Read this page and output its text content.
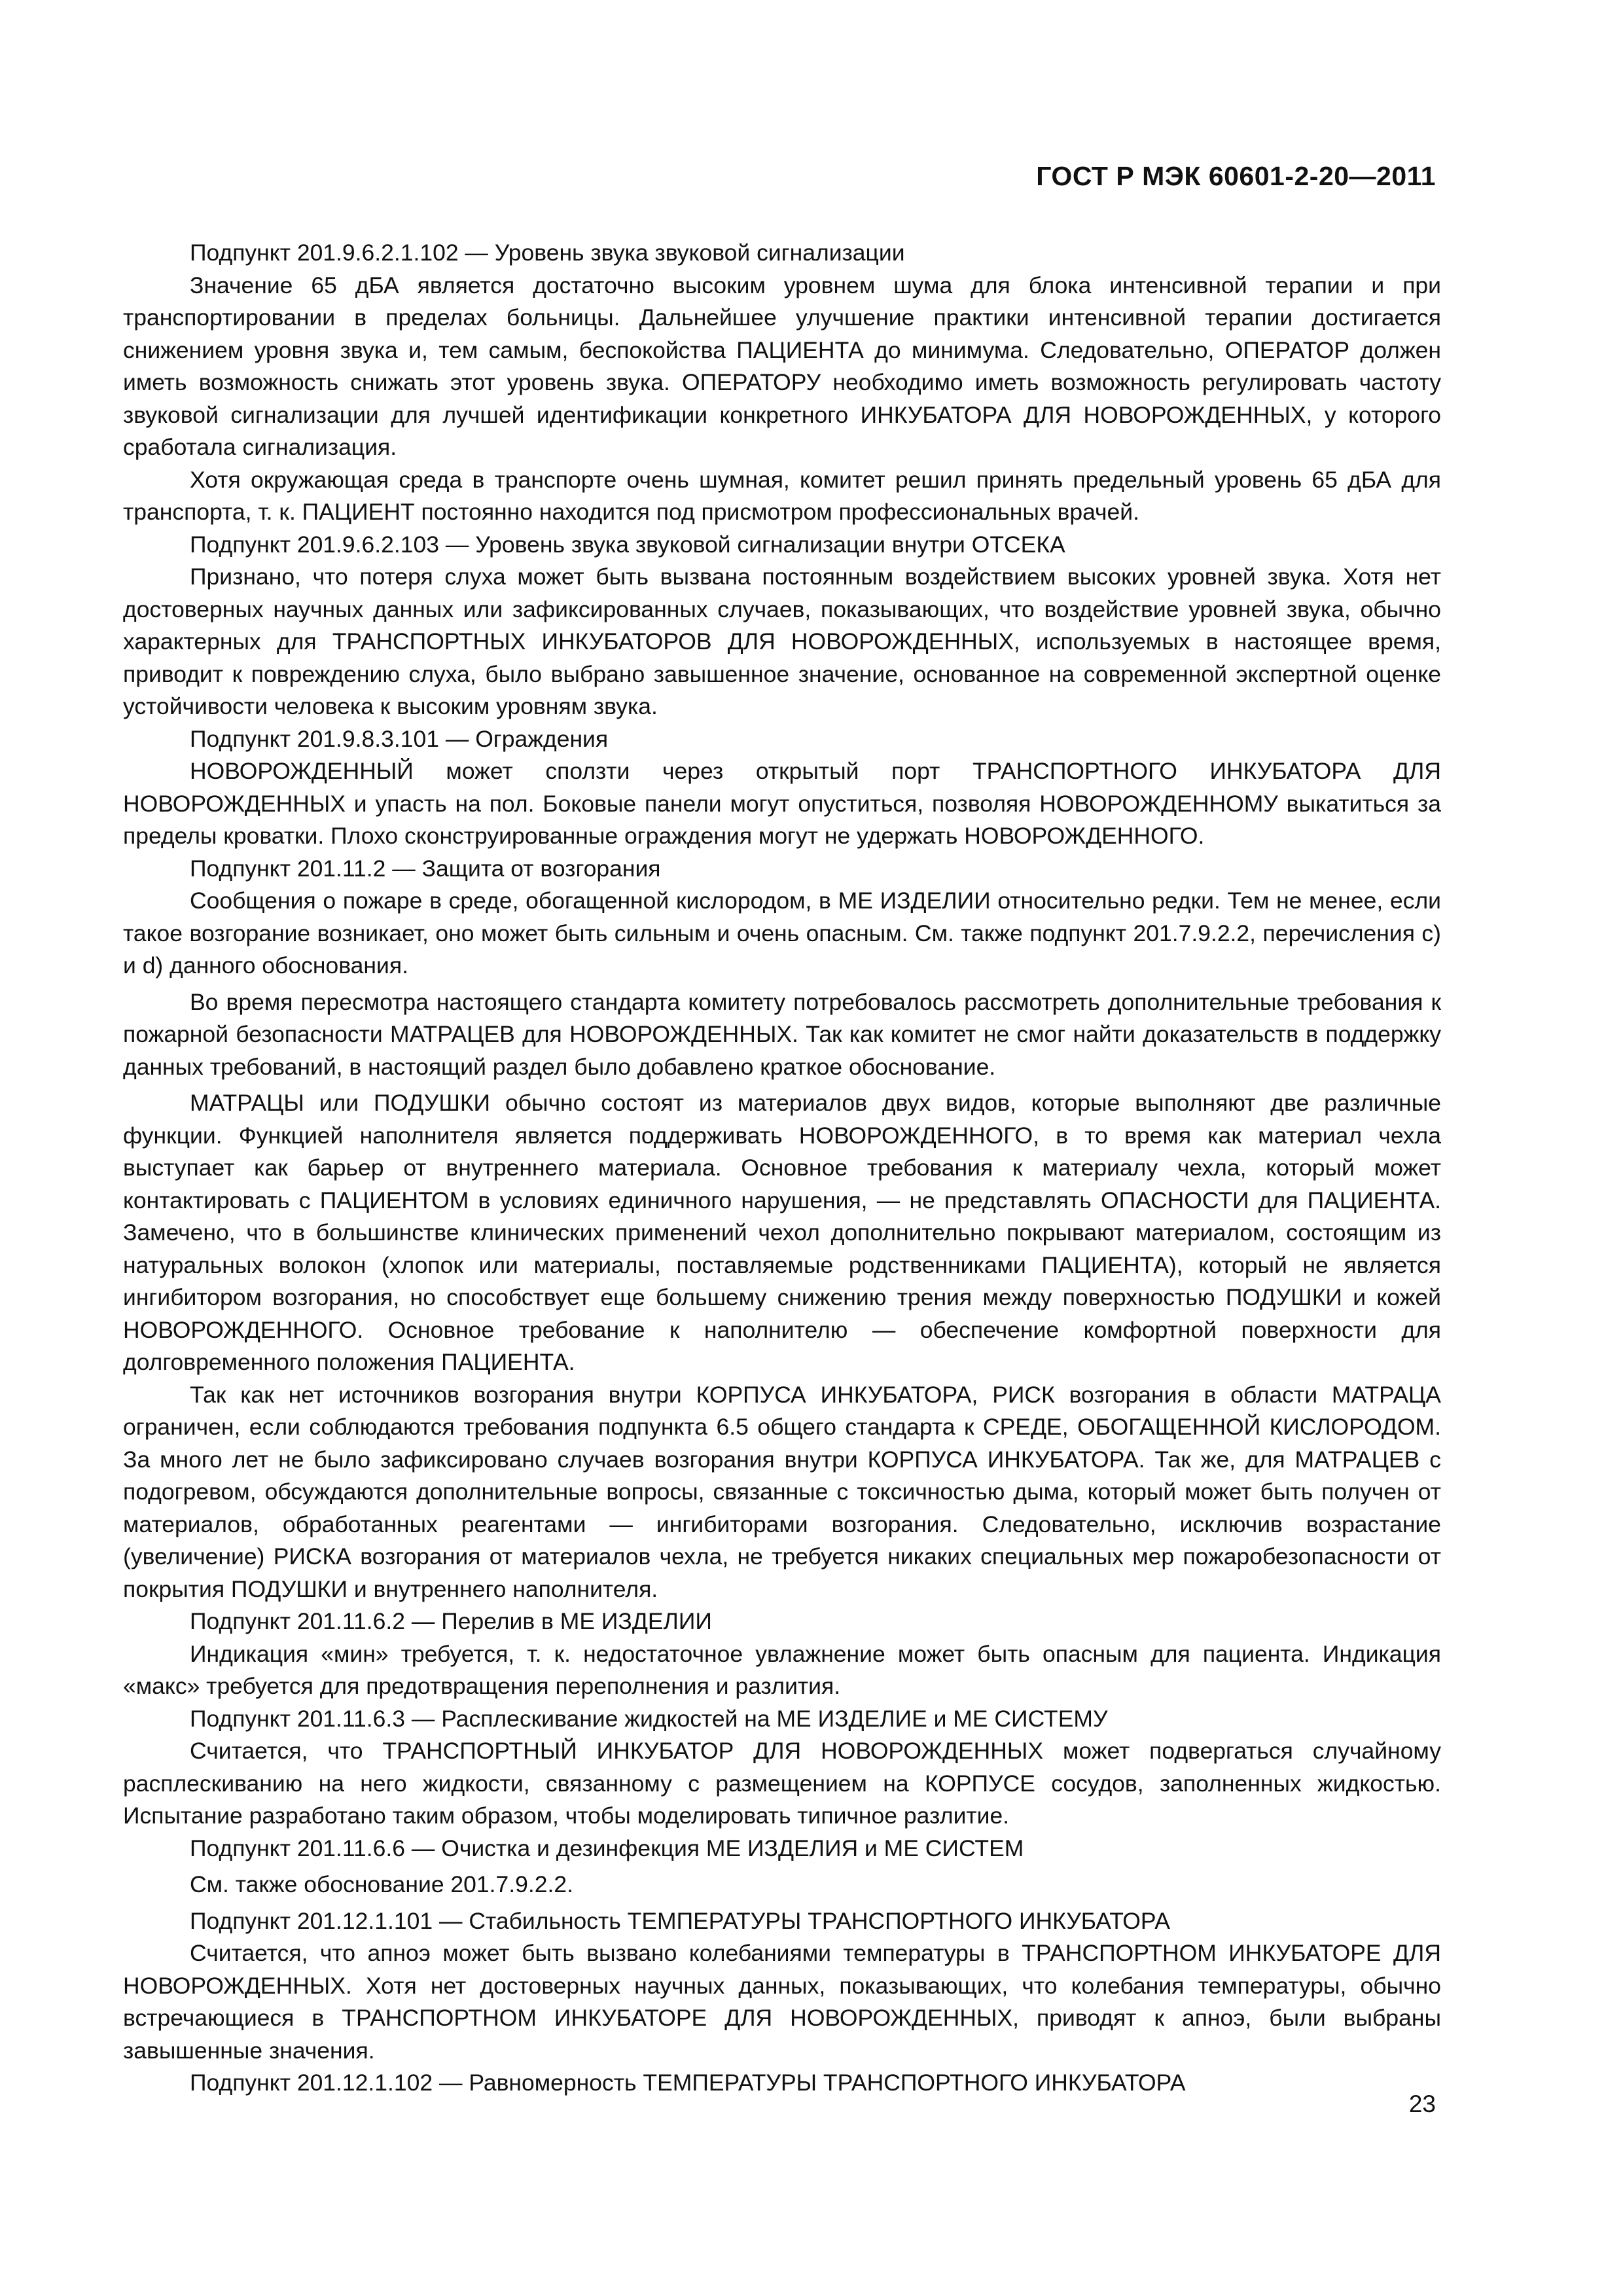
ГОСТ Р МЭК 60601-2-20—2011

Подпункт 201.9.6.2.1.102 — Уровень звука звуковой сигнализации

Значение 65 дБА является достаточно высоким уровнем шума для блока интенсивной терапии и при транспортировании в пределах больницы. Дальнейшее улучшение практики интенсивной терапии достигается снижением уровня звука и, тем самым, беспокойства ПАЦИЕНТА до минимума. Следовательно, ОПЕРАТОР должен иметь возможность снижать этот уровень звука. ОПЕРАТОРУ необходимо иметь возможность регулировать частоту звуковой сигнализации для лучшей идентификации конкретного ИНКУБАТОРА ДЛЯ НОВОРОЖДЕННЫХ, у которого сработала сигнализация.

Хотя окружающая среда в транспорте очень шумная, комитет решил принять предельный уровень 65 дБА для транспорта, т. к. ПАЦИЕНТ постоянно находится под присмотром профессиональных врачей.

Подпункт 201.9.6.2.103 — Уровень звука звуковой сигнализации внутри ОТСЕКА

Признано, что потеря слуха может быть вызвана постоянным воздействием высоких уровней звука. Хотя нет достоверных научных данных или зафиксированных случаев, показывающих, что воздействие уровней звука, обычно характерных для ТРАНСПОРТНЫХ ИНКУБАТОРОВ ДЛЯ НОВОРОЖДЕННЫХ, используемых в настоящее время, приводит к повреждению слуха, было выбрано завышенное значение, основанное на современной экспертной оценке устойчивости человека к высоким уровням звука.

Подпункт 201.9.8.3.101 — Ограждения

НОВОРОЖДЕННЫЙ может сползти через открытый порт ТРАНСПОРТНОГО ИНКУБАТОРА ДЛЯ НОВОРОЖДЕННЫХ и упасть на пол. Боковые панели могут опуститься, позволяя НОВОРОЖДЕННОМУ выкатиться за пределы кроватки. Плохо сконструированные ограждения могут не удержать НОВОРОЖДЕННОГО.

Подпункт 201.11.2 — Защита от возгорания

Сообщения о пожаре в среде, обогащенной кислородом, в МЕ ИЗДЕЛИИ относительно редки. Тем не менее, если такое возгорание возникает, оно может быть сильным и очень опасным. См. также подпункт 201.7.9.2.2, перечисления с) и d) данного обоснования.

Во время пересмотра настоящего стандарта комитету потребовалось рассмотреть дополнительные требования к пожарной безопасности МАТРАЦЕВ для НОВОРОЖДЕННЫХ. Так как комитет не смог найти доказательств в поддержку данных требований, в настоящий раздел было добавлено краткое обоснование.

МАТРАЦЫ или ПОДУШКИ обычно состоят из материалов двух видов, которые выполняют две различные функции. Функцией наполнителя является поддерживать НОВОРОЖДЕННОГО, в то время как материал чехла выступает как барьер от внутреннего материала. Основное требования к материалу чехла, который может контактировать с ПАЦИЕНТОМ в условиях единичного нарушения, — не представлять ОПАСНОСТИ для ПАЦИЕНТА. Замечено, что в большинстве клинических применений чехол дополнительно покрывают материалом, состоящим из натуральных волокон (хлопок или материалы, поставляемые родственниками ПАЦИЕНТА), который не является ингибитором возгорания, но способствует еще большему снижению трения между поверхностью ПОДУШКИ и кожей НОВОРОЖДЕННОГО. Основное требование к наполнителю — обеспечение комфортной поверхности для долговременного положения ПАЦИЕНТА.

Так как нет источников возгорания внутри КОРПУСА ИНКУБАТОРА, РИСК возгорания в области МАТРАЦА ограничен, если соблюдаются требования подпункта 6.5 общего стандарта к СРЕДЕ, ОБОГАЩЕННОЙ КИСЛОРОДОМ. За много лет не было зафиксировано случаев возгорания внутри КОРПУСА ИНКУБАТОРА. Так же, для МАТРАЦЕВ с подогревом, обсуждаются дополнительные вопросы, связанные с токсичностью дыма, который может быть получен от материалов, обработанных реагентами — ингибиторами возгорания. Следовательно, исключив возрастание (увеличение) РИСКА возгорания от материалов чехла, не требуется никаких специальных мер пожаробезопасности от покрытия ПОДУШКИ и внутреннего наполнителя.

Подпункт 201.11.6.2 — Перелив в МЕ ИЗДЕЛИИ

Индикация «мин» требуется, т. к. недостаточное увлажнение может быть опасным для пациента. Индикация «макс» требуется для предотвращения переполнения и разлития.

Подпункт 201.11.6.3 — Расплескивание жидкостей на МЕ ИЗДЕЛИЕ и МЕ СИСТЕМУ

Считается, что ТРАНСПОРТНЫЙ ИНКУБАТОР ДЛЯ НОВОРОЖДЕННЫХ может подвергаться случайному расплескиванию на него жидкости, связанному с размещением на КОРПУСЕ сосудов, заполненных жидкостью. Испытание разработано таким образом, чтобы моделировать типичное разлитие.

Подпункт 201.11.6.6 — Очистка и дезинфекция МЕ ИЗДЕЛИЯ и МЕ СИСТЕМ

См. также обоснование 201.7.9.2.2.

Подпункт 201.12.1.101 — Стабильность ТЕМПЕРАТУРЫ ТРАНСПОРТНОГО ИНКУБАТОРА

Считается, что апноэ может быть вызвано колебаниями температуры в ТРАНСПОРТНОМ ИНКУБАТОРЕ ДЛЯ НОВОРОЖДЕННЫХ. Хотя нет достоверных научных данных, показывающих, что колебания температуры, обычно встречающиеся в ТРАНСПОРТНОМ ИНКУБАТОРЕ ДЛЯ НОВОРОЖДЕННЫХ, приводят к апноэ, были выбраны завышенные значения.

Подпункт 201.12.1.102 — Равномерность ТЕМПЕРАТУРЫ ТРАНСПОРТНОГО ИНКУБАТОРА

23
